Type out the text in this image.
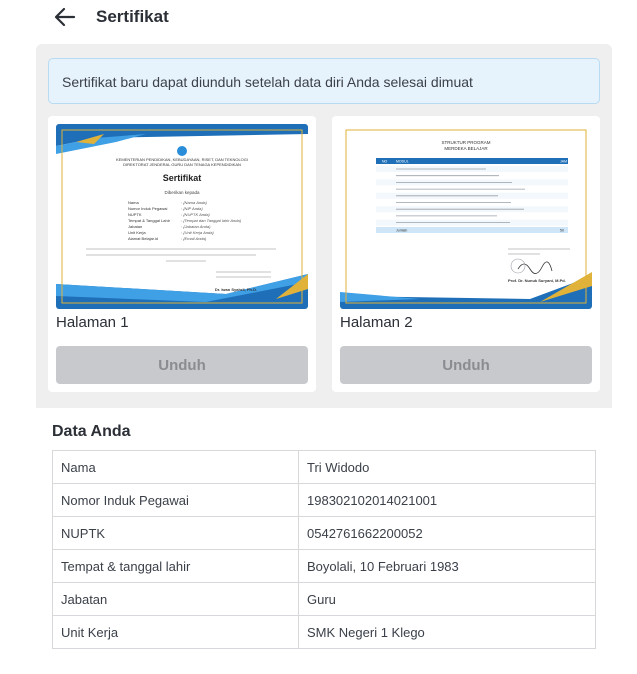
Sertifikat
Sertifikat baru dapat diunduh setelah data diri Anda selesai dimuat
KEMENTERIAN PENDIDIKAN, KEBUDAYAAN, RISET, DAN TEKNOLOGI
DIREKTORAT JENDERAL GURU DAN TENAGA KEPENDIDIKAN
Sertifikat
Diberikan kepada
Nama	: {Nama Anda}
Nomor Induk Pegawai	: {NIP Anda}
NUPTK	: {NUPTK Anda}
Tempat & Tanggal Lahir	: {Tempat dan Tanggal lahir Anda}
Jabatan	: {Jabatan Anda}
Unit Kerja	: {Unit Kerja Anda}
Alamat Belajar.id	: {Email Anda}
Dr. Iwan Syahril, Ph.D.
Halaman 1
Unduh
STRUKTUR PROGRAM
MERDEKA BELAJAR
NO	MODUL	JAM
Jumlah	50
Prof. Dr. Nunuk Suryani, M.Pd.
Halaman 2
Unduh
Data Anda
Nama	Tri Widodo
Nomor Induk Pegawai	198302102014021001
NUPTK	0542761662200052
Tempat & tanggal lahir	Boyolali, 10 Februari 1983
Jabatan	Guru
Unit Kerja	SMK Negeri 1 Klego
